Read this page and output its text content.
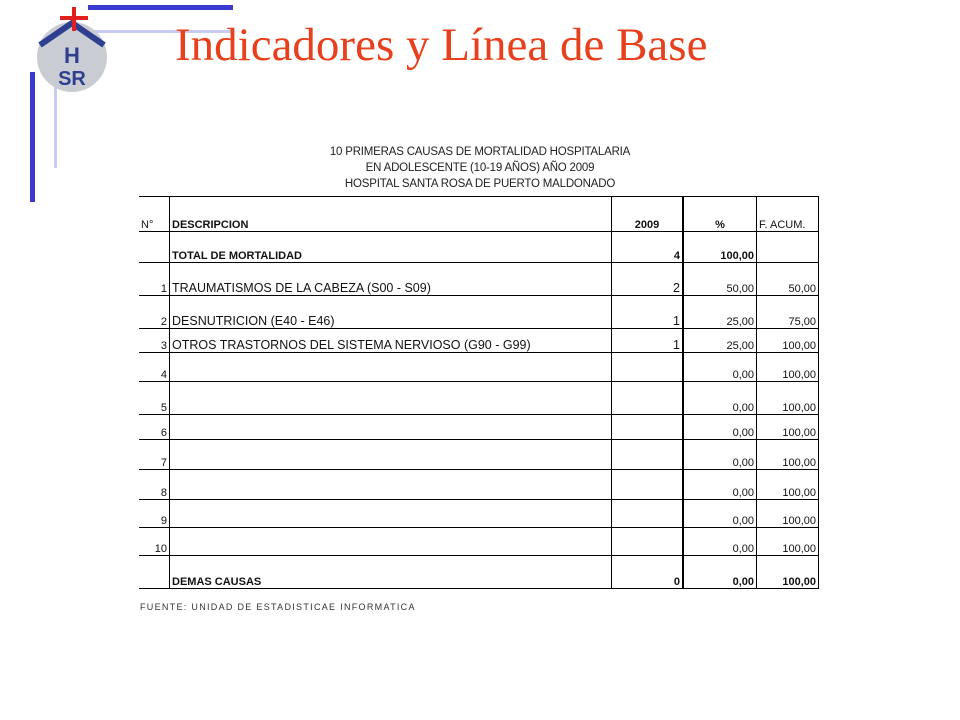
H
SR
Indicadores y Línea de Base
10 PRIMERAS CAUSAS DE MORTALIDAD HOSPITALARIA
EN ADOLESCENTE (10-19 AÑOS) AÑO 2009
HOSPITAL SANTA ROSA DE PUERTO MALDONADO
N°	DESCRIPCION	2009	%	F. ACUM.
	TOTAL DE MORTALIDAD	4	100,00	
1	TRAUMATISMOS DE LA CABEZA (S00 - S09)	2	50,00	50,00
2	DESNUTRICION (E40 - E46)	1	25,00	75,00
3	OTROS TRASTORNOS DEL SISTEMA NERVIOSO (G90 - G99)	1	25,00	100,00
4			0,00	100,00
5			0,00	100,00
6			0,00	100,00
7			0,00	100,00
8			0,00	100,00
9			0,00	100,00
10			0,00	100,00
	DEMAS CAUSAS	0	0,00	100,00
FUENTE: UNIDAD DE ESTADISTICAE INFORMATICA
